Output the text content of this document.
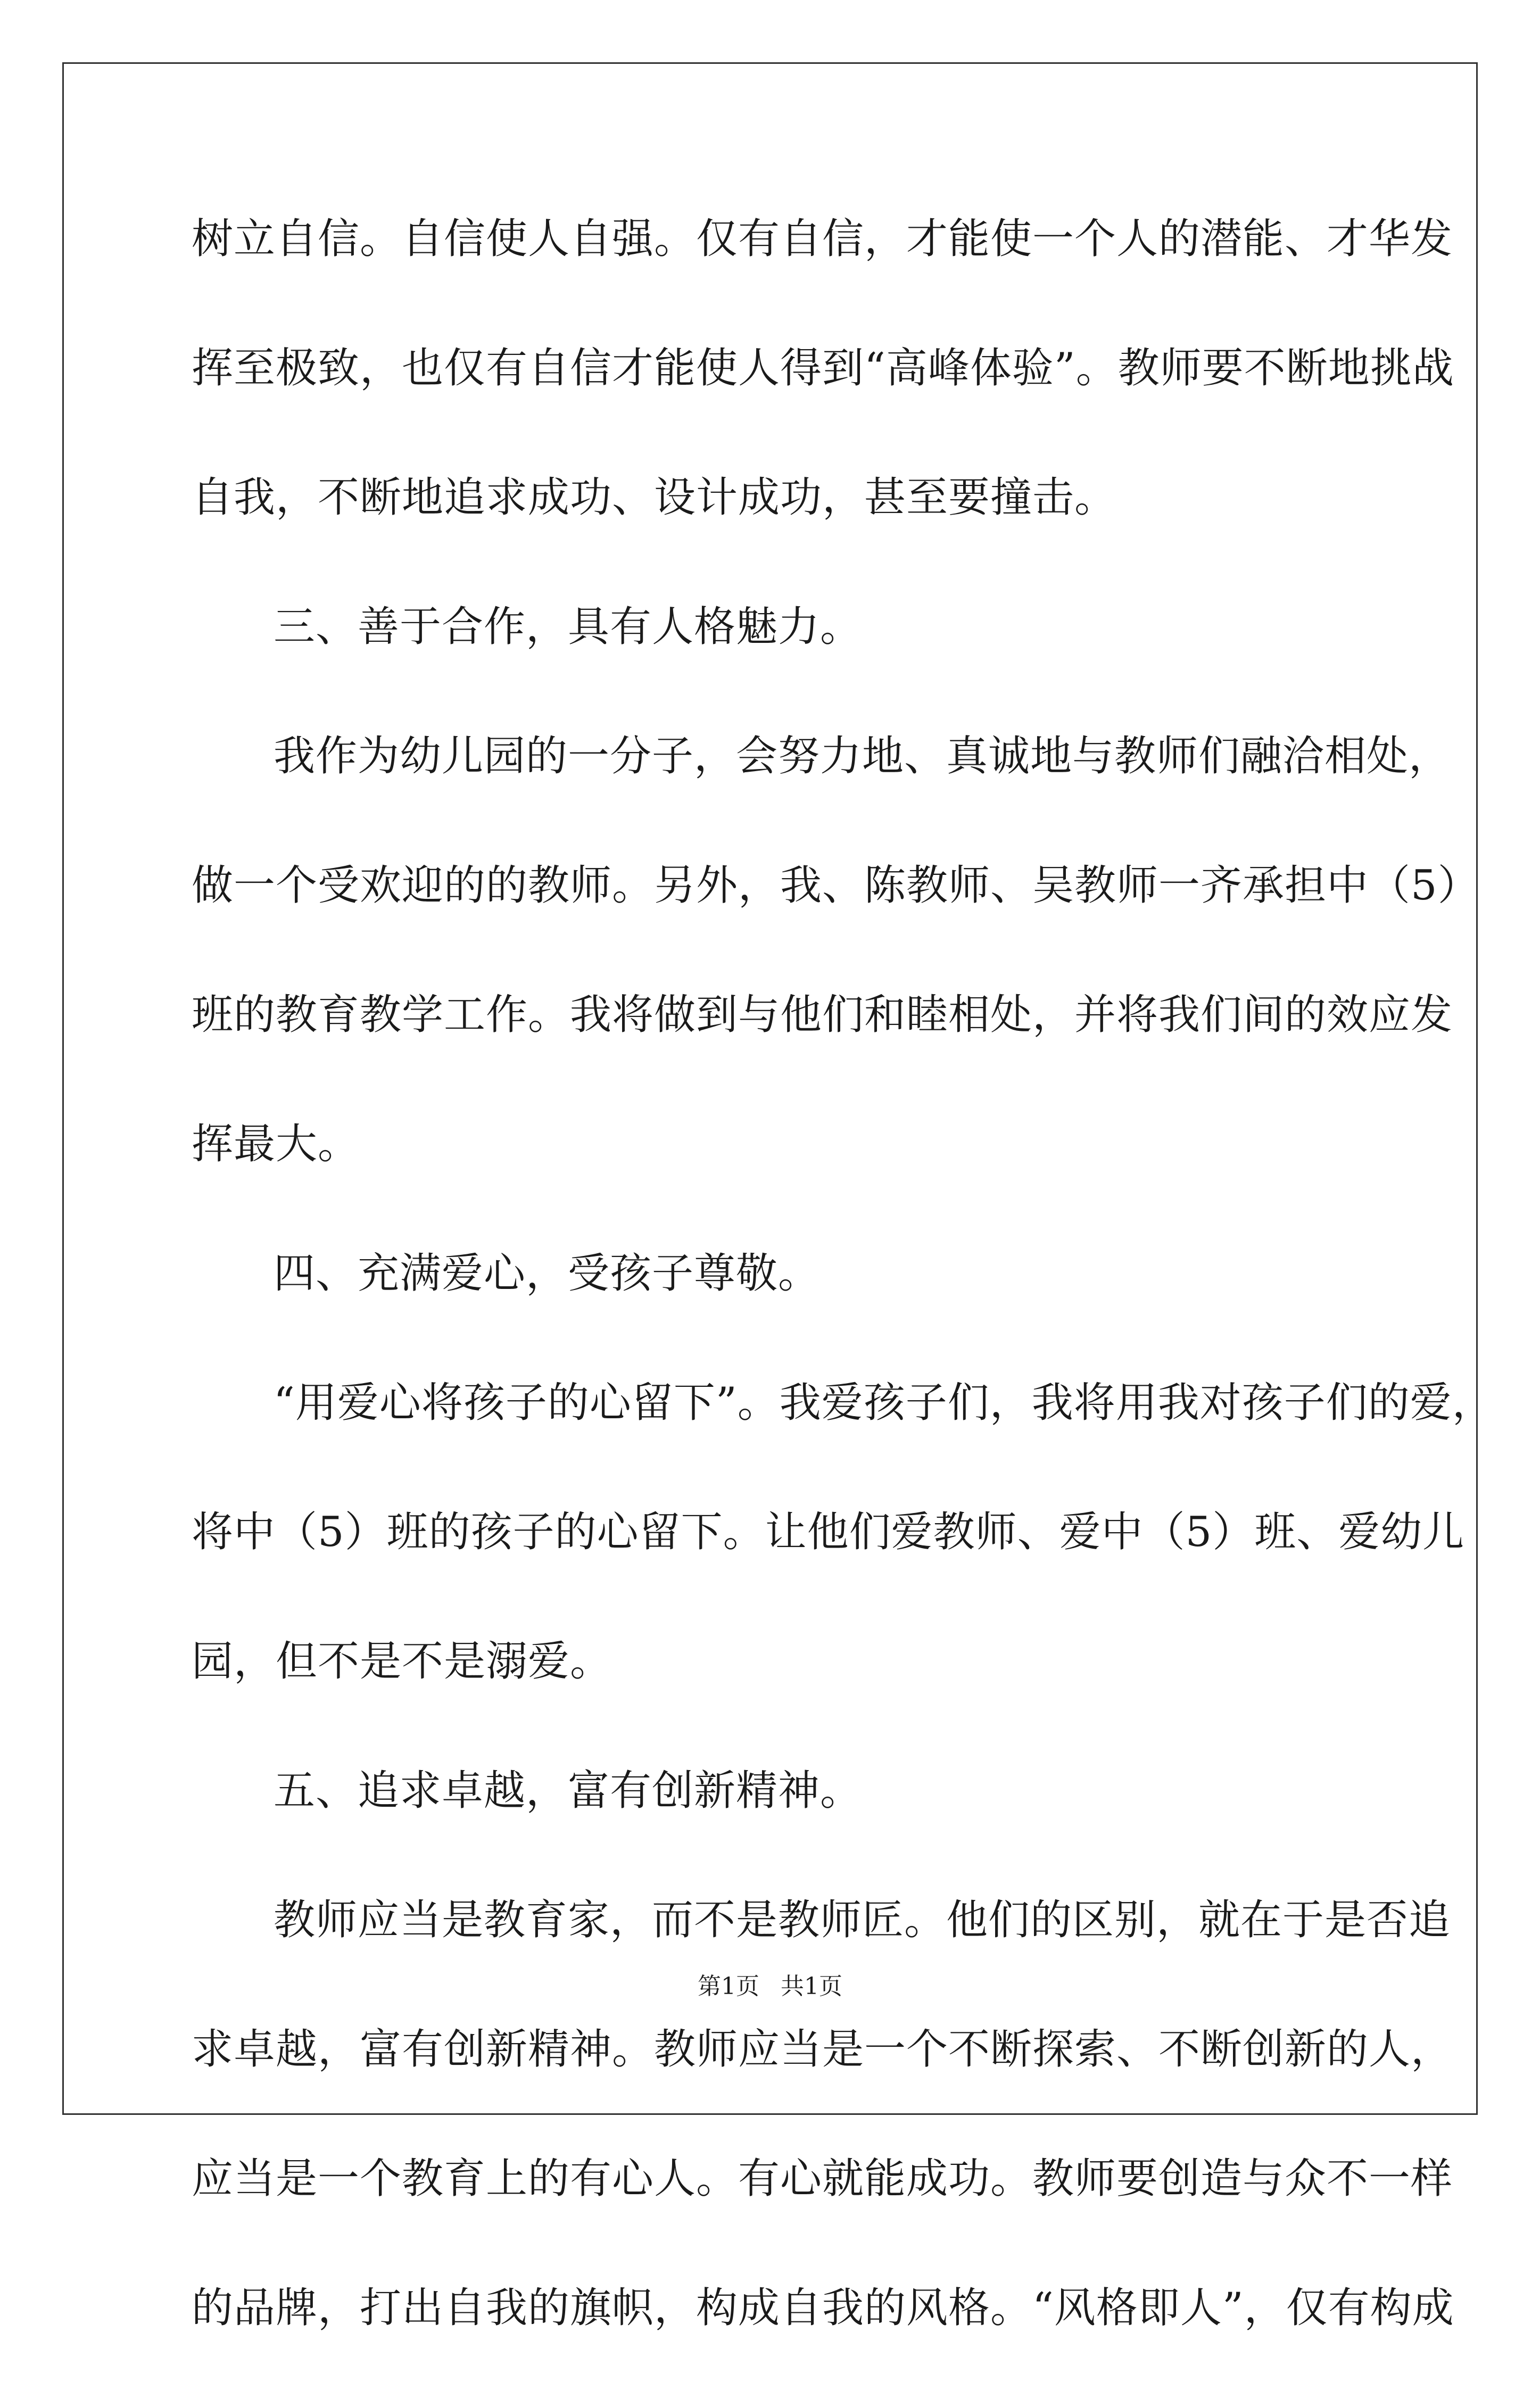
树立自信。自信使人自强。仅有自信，才能使一个人的潜能、才华发
挥至极致，也仅有自信才能使人得到“高峰体验”。教师要不断地挑战
自我，不断地追求成功、设计成功，甚至要撞击。
三、善于合作，具有人格魅力。
我作为幼儿园的一分子，会努力地、真诚地与教师们融洽相处，
做一个受欢迎的的教师。另外，我、陈教师、吴教师一齐承担中（5）
班的教育教学工作。我将做到与他们和睦相处，并将我们间的效应发
挥最大。
四、充满爱心，受孩子尊敬。
“用爱心将孩子的心留下”。我爱孩子们，我将用我对孩子们的爱，
将中（5）班的孩子的心留下。让他们爱教师、爱中（5）班、爱幼儿
园，但不是不是溺爱。
五、追求卓越，富有创新精神。
教师应当是教育家，而不是教师匠。他们的区别，就在于是否追
求卓越，富有创新精神。教师应当是一个不断探索、不断创新的人，
应当是一个教育上的有心人。有心就能成功。教师要创造与众不一样
的品牌，打出自我的旗帜，构成自我的风格。“风格即人”，仅有构成
第1页 共1页
